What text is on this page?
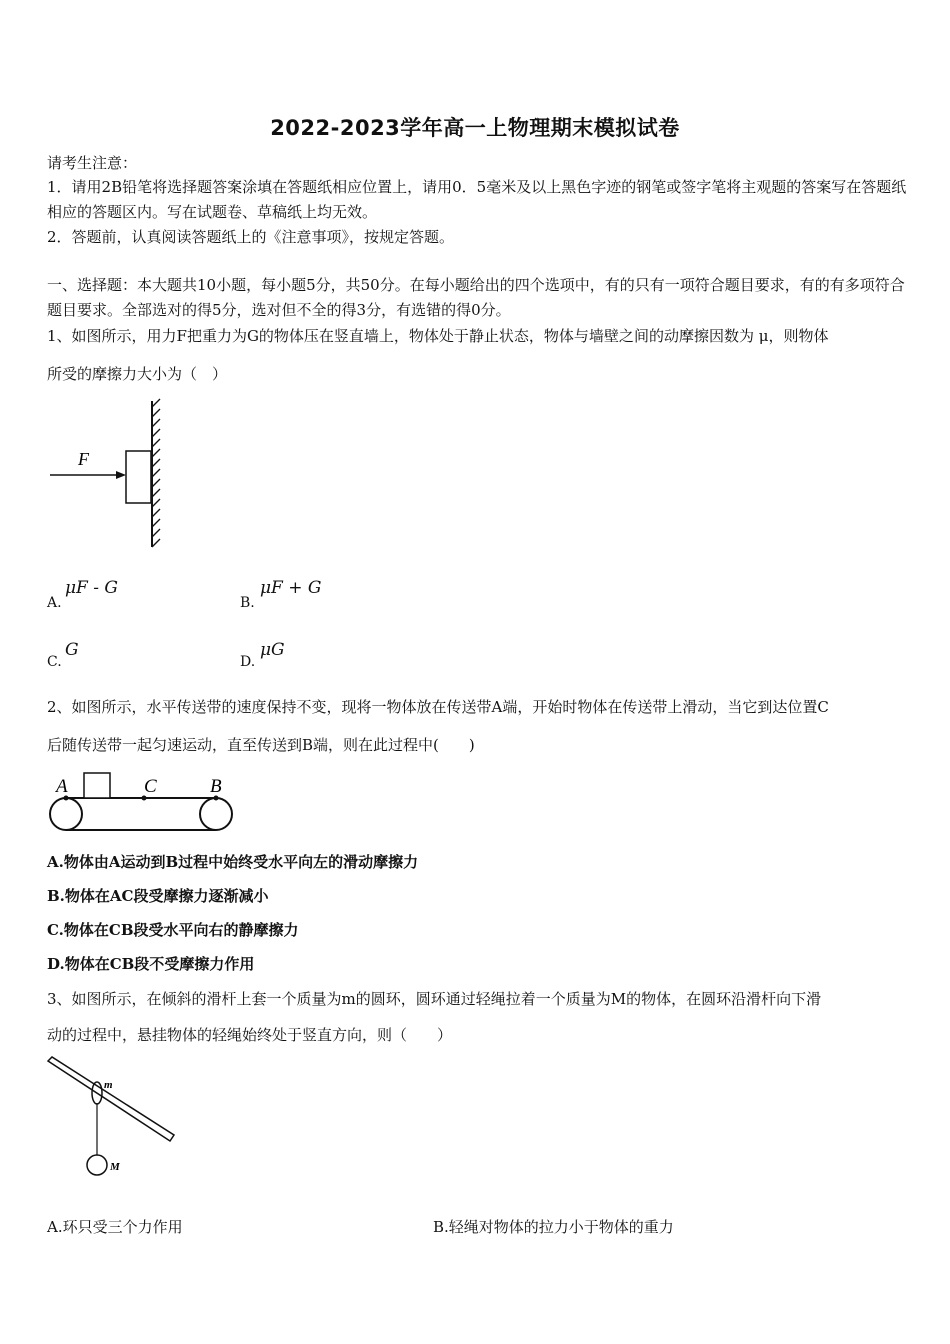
2022-2023学年高一上物理期末模拟试卷
请考生注意：
1．请用2B铅笔将选择题答案涂填在答题纸相应位置上，请用0．5毫米及以上黑色字迹的钢笔或签字笔将主观题的答案写在答题纸相应的答题区内。写在试题卷、草稿纸上均无效。
2．答题前，认真阅读答题纸上的《注意事项》，按规定答题。
一、选择题：本大题共10小题，每小题5分，共50分。在每小题给出的四个选项中，有的只有一项符合题目要求，有的有多项符合题目要求。全部选对的得5分，选对但不全的得3分，有选错的得0分。
1、如图所示，用力F把重力为G的物体压在竖直墙上，物体处于静止状态，物体与墙壁之间的动摩擦因数为 μ，则物体
所受的摩擦力大小为（　）
F
A.
μF - G
B.
μF + G
C.
G
D.
μG
2、如图所示，水平传送带的速度保持不变，现将一物体放在传送带A端，开始时物体在传送带上滑动，当它到达位置C
后随传送带一起匀速运动，直至传送到B端，则在此过程中(　　)
A	C	B
A.物体由A运动到B过程中始终受水平向左的滑动摩擦力
B.物体在AC段受摩擦力逐渐减小
C.物体在CB段受水平向右的静摩擦力
D.物体在CB段不受摩擦力作用
3、如图所示，在倾斜的滑杆上套一个质量为m的圆环，圆环通过轻绳拉着一个质量为M的物体，在圆环沿滑杆向下滑
动的过程中，悬挂物体的轻绳始终处于竖直方向，则（　　）
m
M
A.环只受三个力作用	B.轻绳对物体的拉力小于物体的重力
